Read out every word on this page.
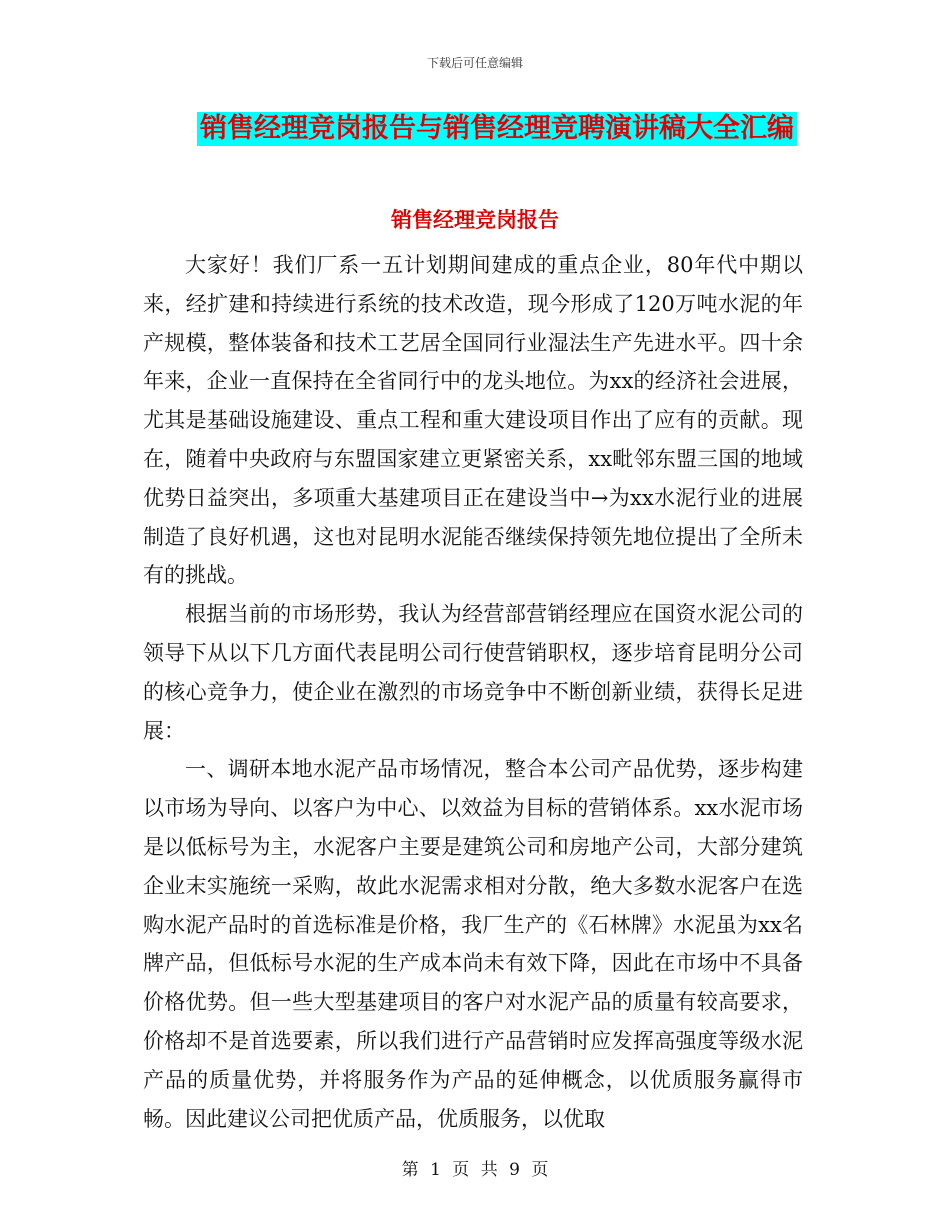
下载后可任意编辑
销售经理竞岗报告与销售经理竞聘演讲稿大全汇编
销售经理竞岗报告

大家好！我们厂系一五计划期间建成的重点企业，80年代中期以来，经扩建和持续进行系统的技术改造，现今形成了120万吨水泥的年产规模，整体装备和技术工艺居全国同行业湿法生产先进水平。四十余年来，企业一直保持在全省同行中的龙头地位。为xx的经济社会进展，尤其是基础设施建设、重点工程和重大建设项目作出了应有的贡献。现在，随着中央政府与东盟国家建立更紧密关系，xx毗邻东盟三国的地域优势日益突出，多项重大基建项目正在建设当中→为xx水泥行业的进展制造了良好机遇，这也对昆明水泥能否继续保持领先地位提出了全所未有的挑战。

根据当前的市场形势，我认为经营部营销经理应在国资水泥公司的领导下从以下几方面代表昆明公司行使营销职权，逐步培育昆明分公司的核心竞争力，使企业在激烈的市场竞争中不断创新业绩，获得长足进展：

一、调研本地水泥产品市场情况，整合本公司产品优势，逐步构建以市场为导向、以客户为中心、以效益为目标的营销体系。xx水泥市场是以低标号为主，水泥客户主要是建筑公司和房地产公司，大部分建筑企业末实施统一采购，故此水泥需求相对分散，绝大多数水泥客户在选购水泥产品时的首选标准是价格，我厂生产的《石林牌》水泥虽为xx名牌产品，但低标号水泥的生产成本尚未有效下降，因此在市场中不具备价格优势。但一些大型基建项目的客户对水泥产品的质量有较高要求，价格却不是首选要素，所以我们进行产品营销时应发挥高强度等级水泥产品的质量优势，并将服务作为产品的延伸概念，以优质服务赢得市畅。因此建议公司把优质产品，优质服务，以优取

第 1 页 共 9 页
